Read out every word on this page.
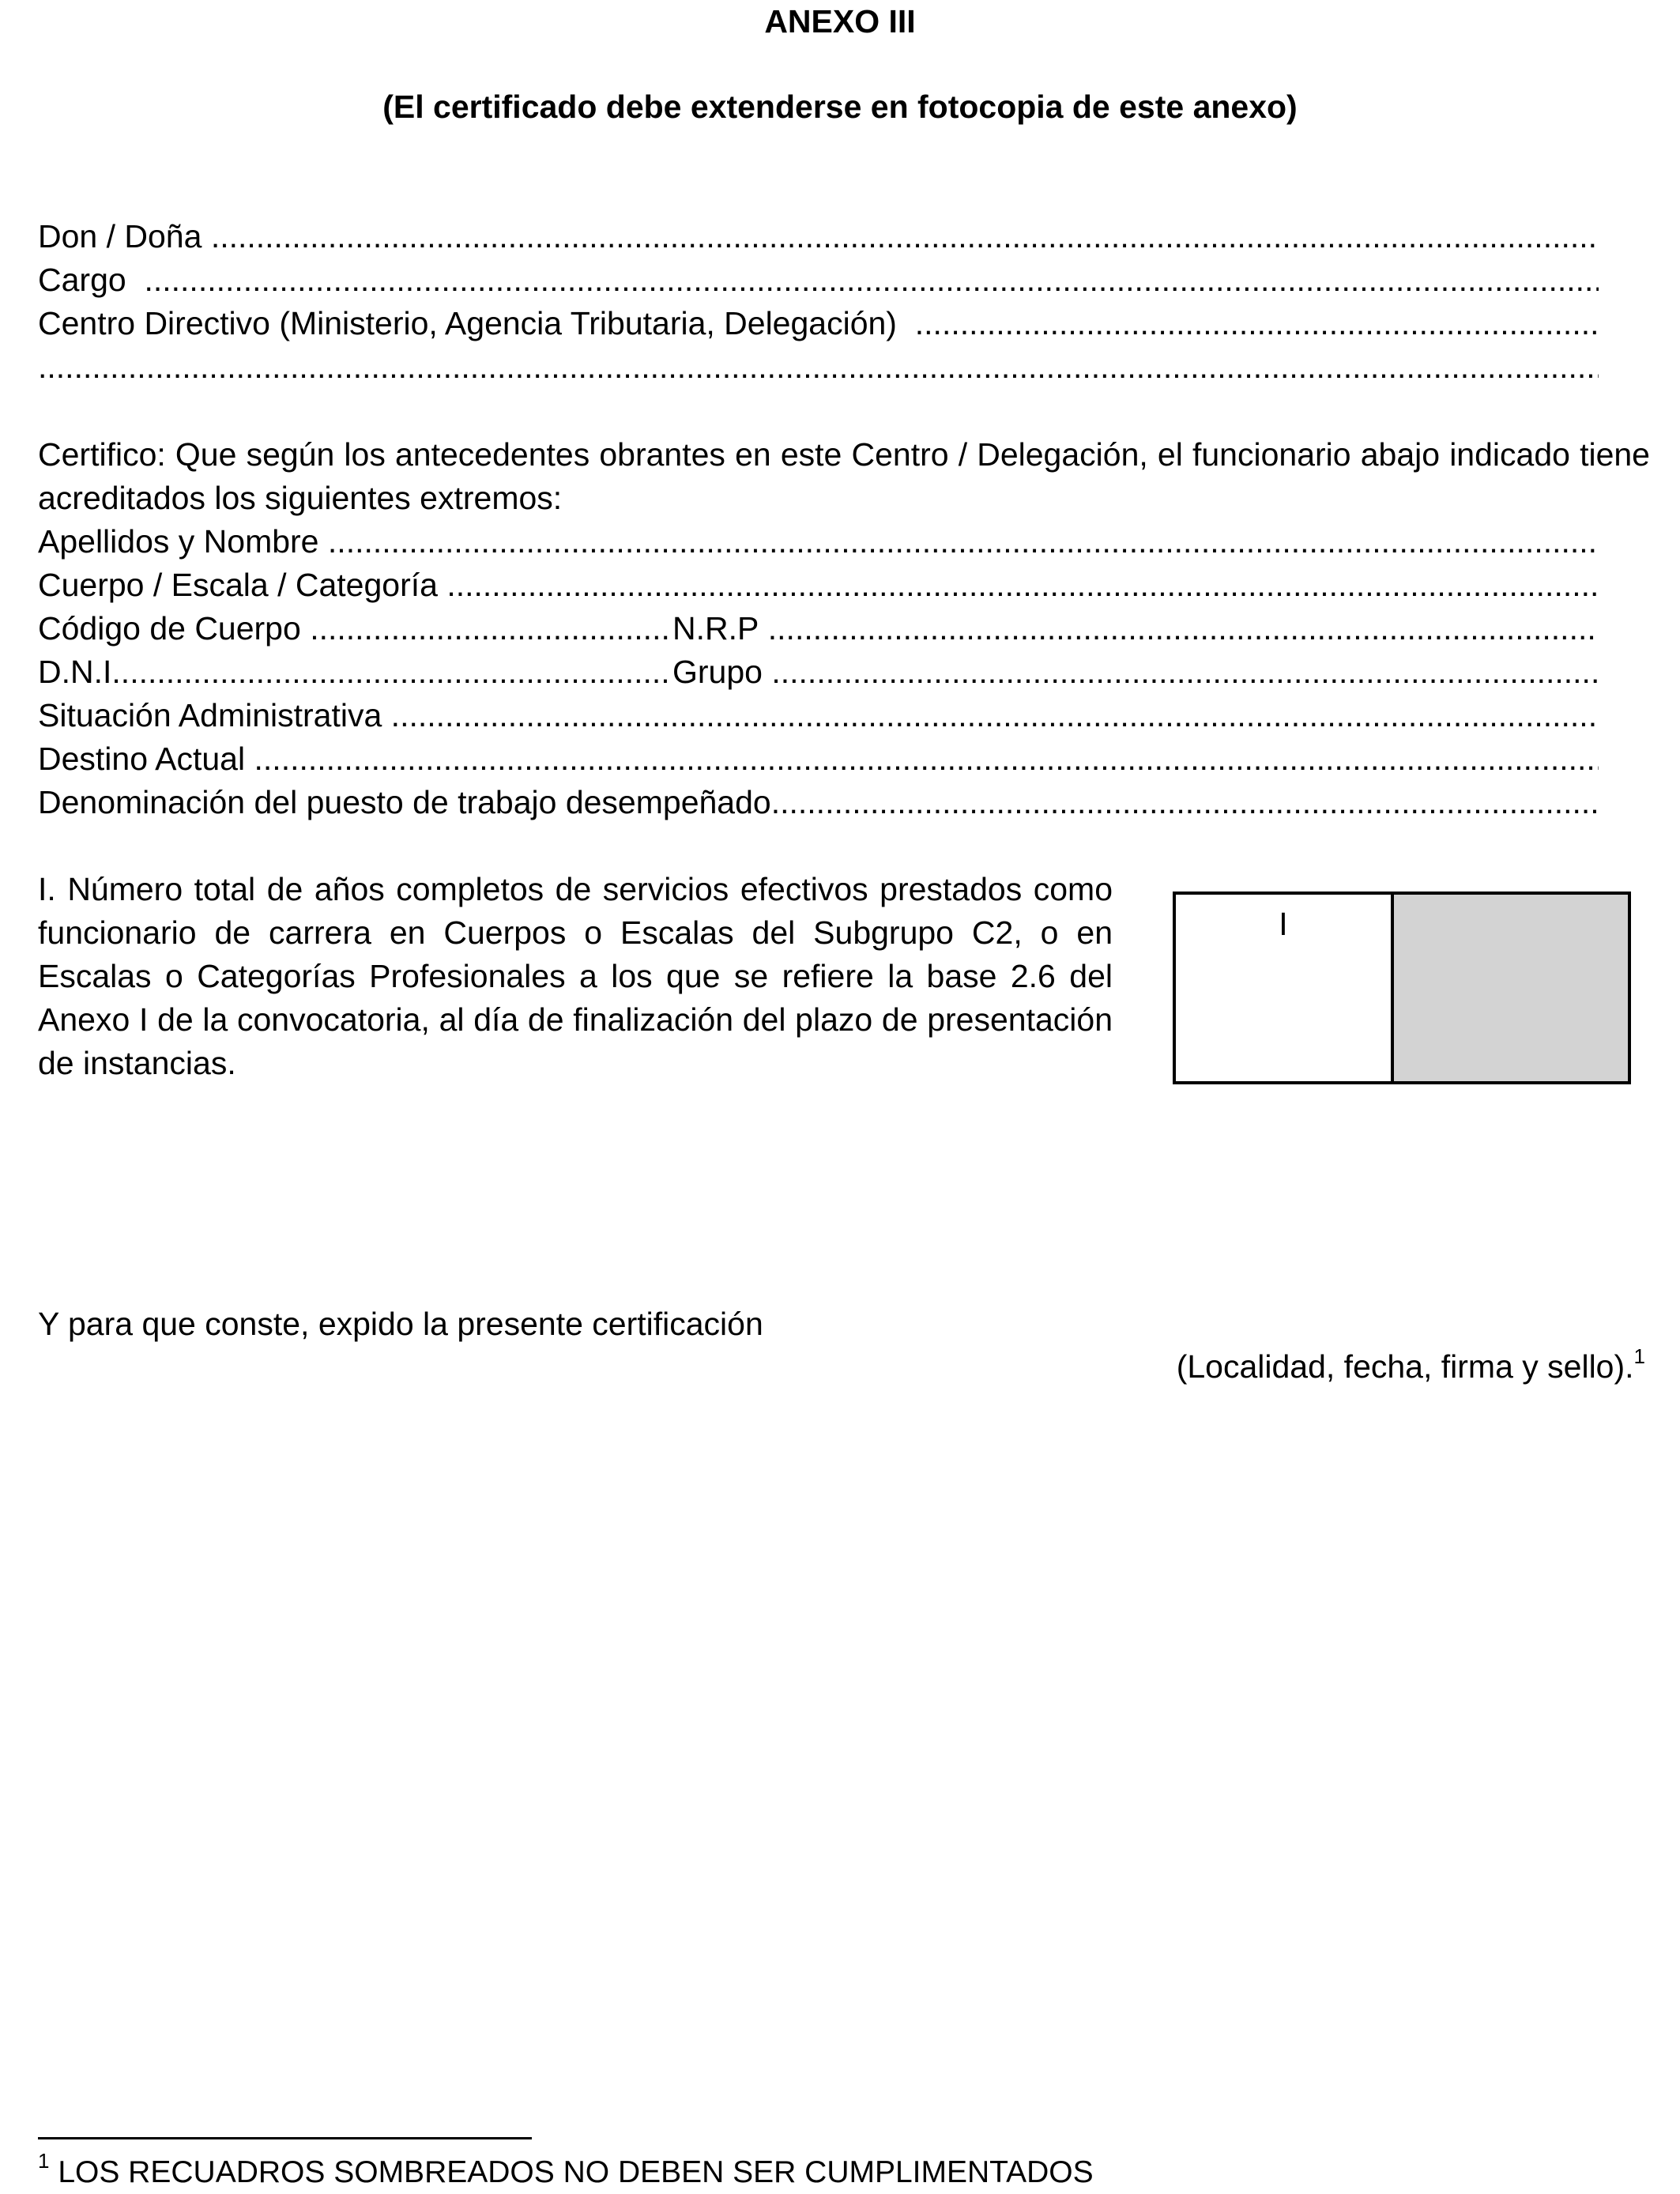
ANEXO III
(El certificado debe extenderse en fotocopia de este anexo)
Don / Doña

.....
Cargo

.....
Centro Directivo (Ministerio, Agencia Tributaria, Delegación)

.....
.....
Certifico: Que según los antecedentes obrantes en este Centro / Delegación, el funcionario abajo indicado tiene acreditados los siguientes extremos:
Apellidos y Nombre

.....
Cuerpo / Escala / Categoría

.....
Código de Cuerpo
.....	N.R.P

.....
D.N.I. .....	Grupo

.....
Situación Administrativa

.....
Destino Actual

.....
Denominación del puesto de trabajo desempeñado
.....
I. Número total de años completos de servicios efectivos prestados como funcionario de carrera en Cuerpos o Escalas del Subgrupo C2, o en Escalas o Categorías Profesionales a los que se refiere la base 2.6 del Anexo I de la convocatoria, al día de finalización del plazo de presentación de instancias.
I
Y para que conste, expido la presente certificación
(Localidad, fecha, firma y sello).$^1$
$^1$ LOS RECUADROS SOMBREADOS NO DEBEN SER CUMPLIMENTADOS
